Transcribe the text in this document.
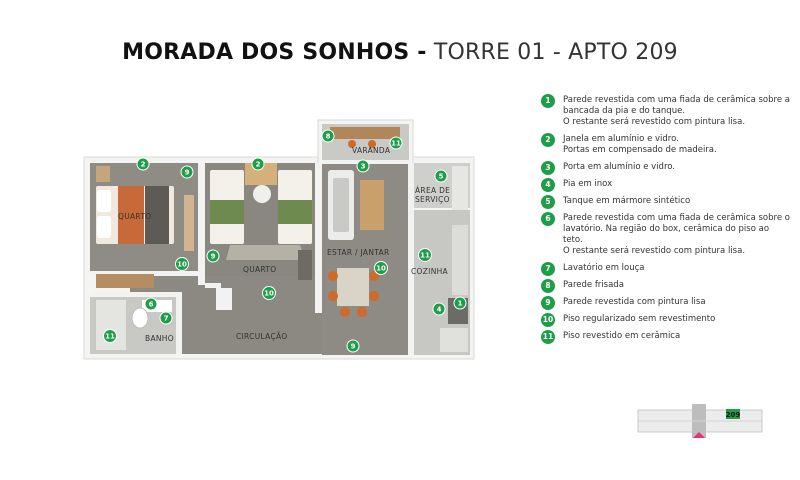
MORADA DOS SONHOS - TORRE 01 - APTO 209
QUARTO
QUARTO
BANHO	CIRCULAÇÃO
VARANDA
ESTAR / JANTAR
COZINHA
ÁREA DE
SERVIÇO
2
9
2
8
11
3
5
10
9
10
10
11
6
7
4
1
11
9
1	Parede revestida com uma fiada de cerâmica sobre a
bancada da pia e do tanque.
O restante será revestido com pintura lisa.
2	Janela em alumínio e vidro.
Portas em compensado de madeira.
3	Porta em alumínio e vidro.
4	Pia em inox
5	Tanque em mármore sintético
6	Parede revestida com uma fiada de cerâmica sobre o
lavatório. Na região do box, cerâmica do piso ao teto.
O restante será revestido com pintura lisa.
7	Lavatório em louça
8	Parede frisada
9	Parede revestida com pintura lisa
10 Piso regularizado sem revestimento
11 Piso revestido em cerâmica
209
